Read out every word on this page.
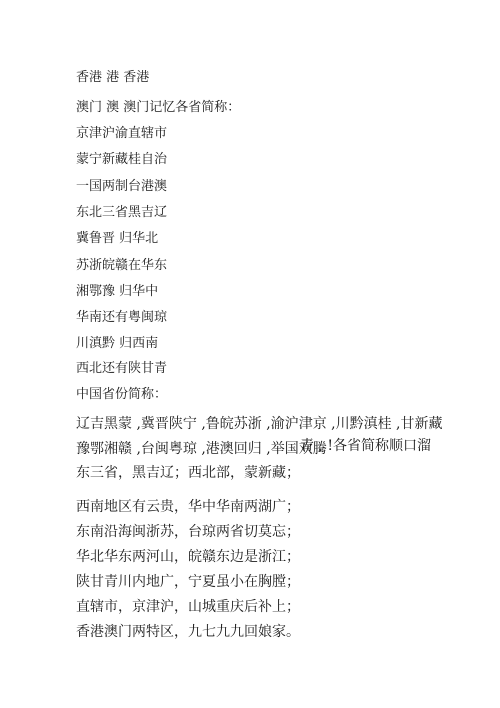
香港 港 香港
澳门 澳 澳门记忆各省简称：
京津沪渝直辖市
蒙宁新藏桂自治
一国两制台港澳
东北三省黑吉辽
冀鲁晋 归华北
苏浙皖赣在华东
湘鄂豫 归华中
华南还有粤闽琼
川滇黔 归西南
西北还有陕甘青
中国省份简称：
辽吉黑蒙 ,冀晋陕宁 ,鲁皖苏浙 ,渝沪津京 ,川黔滇桂 ,甘新藏
豫鄂湘赣 ,台闽粤琼 ,港澳回归 ,举国欢腾
青 , !各省简称顺口溜
东三省，黑吉辽；西北部，蒙新藏；
西南地区有云贵，华中华南两湖广；
东南沿海闽浙苏，台琼两省切莫忘；
华北华东两河山，皖赣东边是浙江；
陕甘青川内地广，宁夏虽小在胸膛；
直辖市，京津沪，山城重庆后补上；
香港澳门两特区，九七九九回娘家。
